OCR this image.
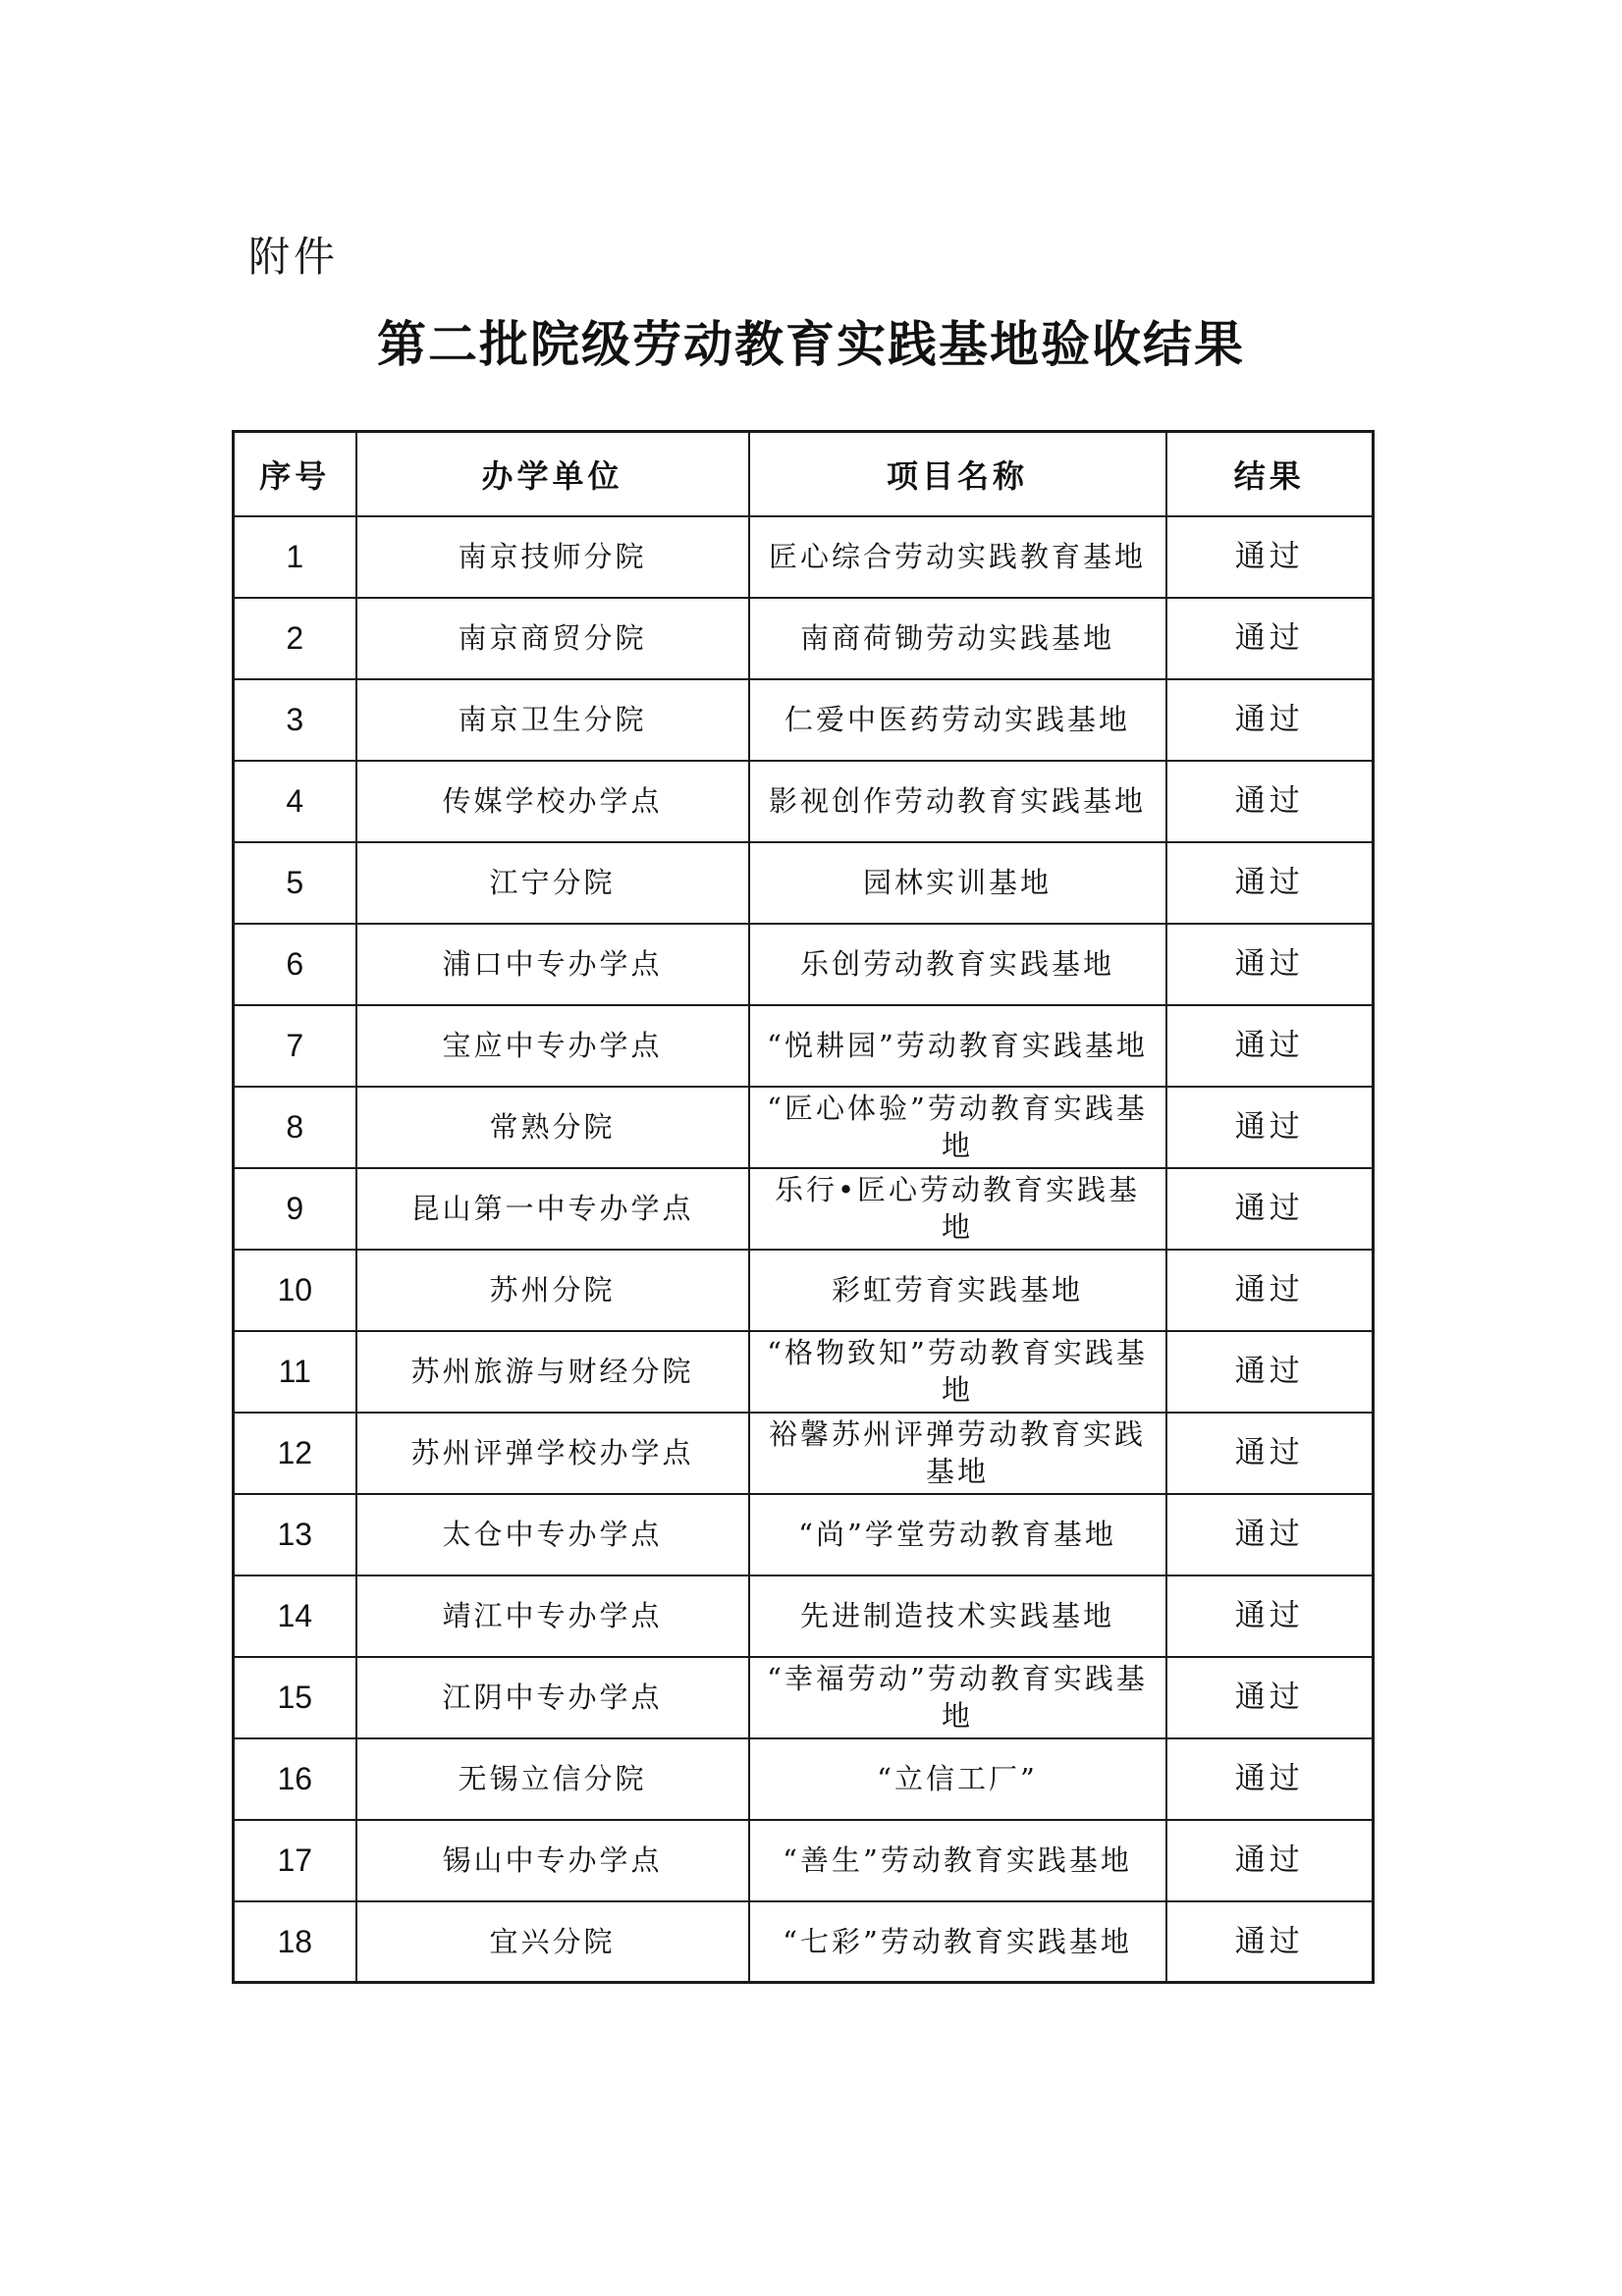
附件
第二批院级劳动教育实践基地验收结果
序号	办学单位	项目名称	结果
1	南京技师分院	匠心综合劳动实践教育基地	通过
2	南京商贸分院	南商荷锄劳动实践基地	通过
3	南京卫生分院	仁爱中医药劳动实践基地	通过
4	传媒学校办学点	影视创作劳动教育实践基地	通过
5	江宁分院	园林实训基地	通过
6	浦口中专办学点	乐创劳动教育实践基地	通过
7	宝应中专办学点	“悦耕园”劳动教育实践基地	通过
8	常熟分院	“匠心体验”劳动教育实践基地	通过
9	昆山第一中专办学点	乐行•匠心劳动教育实践基地	通过
10	苏州分院	彩虹劳育实践基地	通过
11	苏州旅游与财经分院	“格物致知”劳动教育实践基地	通过
12	苏州评弹学校办学点	裕馨苏州评弹劳动教育实践基地	通过
13	太仓中专办学点	“尚”学堂劳动教育基地	通过
14	靖江中专办学点	先进制造技术实践基地	通过
15	江阴中专办学点	“幸福劳动”劳动教育实践基地	通过
16	无锡立信分院	“立信工厂”	通过
17	锡山中专办学点	“善生”劳动教育实践基地	通过
18	宜兴分院	“七彩”劳动教育实践基地	通过
